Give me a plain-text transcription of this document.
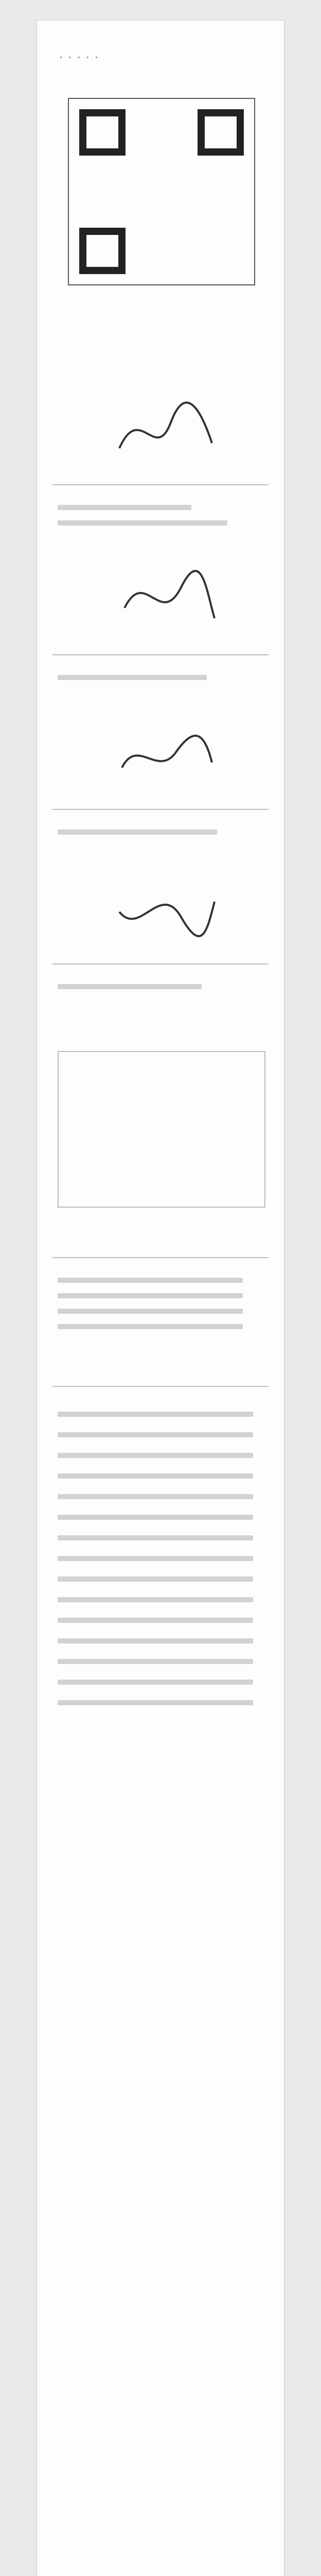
·····
